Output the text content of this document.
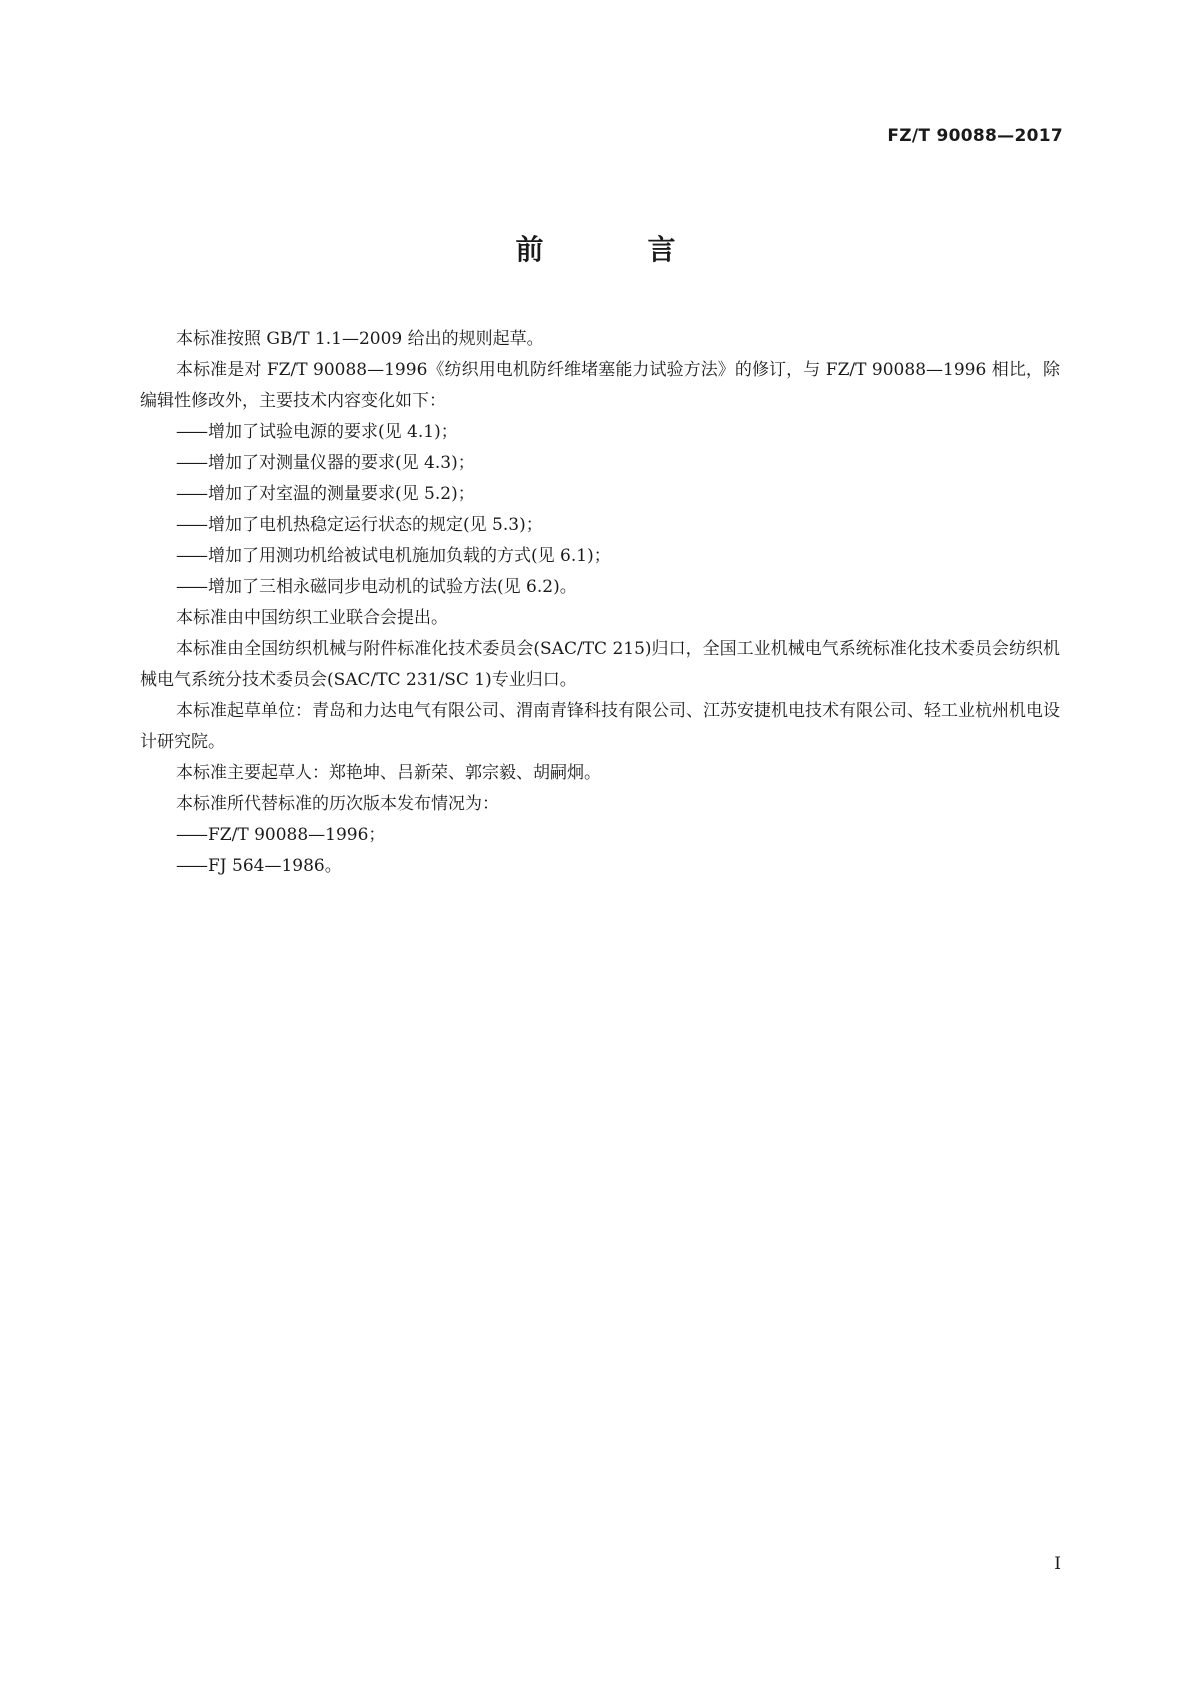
FZ/T 90088—2017
前　言

本标准按照 GB/T 1.1—2009 给出的规则起草。

本标准是对 FZ/T 90088—1996《纺织用电机防纤维堵塞能力试验方法》的修订，与 FZ/T 90088—1996 相比，除编辑性修改外，主要技术内容变化如下：

—— 增加了试验电源的要求(见 4.1)；

—— 增加了对测量仪器的要求(见 4.3)；

—— 增加了对室温的测量要求(见 5.2)；

—— 增加了电机热稳定运行状态的规定(见 5.3)；

—— 增加了用测功机给被试电机施加负载的方式(见 6.1)；

—— 增加了三相永磁同步电动机的试验方法(见 6.2)。

本标准由中国纺织工业联合会提出。

本标准由全国纺织机械与附件标准化技术委员会(SAC/TC 215)归口，全国工业机械电气系统标准化技术委员会纺织机械电气系统分技术委员会(SAC/TC 231/SC 1)专业归口。

本标准起草单位：青岛和力达电气有限公司、渭南青锋科技有限公司、江苏安捷机电技术有限公司、轻工业杭州机电设计研究院。

本标准主要起草人：郑艳坤、吕新荣、郭宗毅、胡嗣炯。

本标准所代替标准的历次版本发布情况为：

—— FZ/T 90088—1996；

—— FJ 564—1986。

I
